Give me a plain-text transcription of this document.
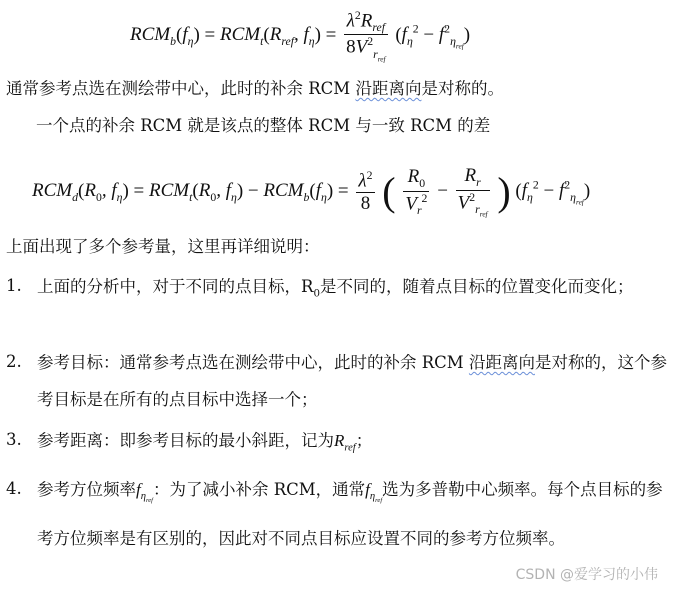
$RCM_b(f_\eta) = RCM_t(R_{ref}$, $f_\eta) = \frac{\lambda^2R_{ref}}{8V^2_{r_{ref}}} (f_\eta^2 - f^2_{\eta_{ref}})$
通常参考点选在测绘带中心，此时的补余 RCM 沿距离向是对称的。
一个点的补余 RCM 就是该点的整体 RCM 与一致 RCM 的差
$RCM_d(R_0$, $f_\eta) = RCM_t(R_0$, $f_\eta) - RCM_b(f_\eta) = \frac{\lambda^2}{8}$ ( $\frac{R_0}{V_r^2} - \frac{R_r}{V^2_{r_{ref}}}$ ) $(f_\eta^2 - f^2_{\eta_{ref}})$
上面出现了多个参考量，这里再详细说明：
1. 上面的分析中，对于不同的点目标，$R_0$是不同的，随着点目标的位置变化而变化；
2. 参考目标：通常参考点选在测绘带中心，此时的补余 RCM 沿距离向是对称的，这个参考目标是在所有的点目标中选择一个；
3. 参考距离：即参考目标的最小斜距，记为$R_{ref}$；
4. 参考方位频率$f_{\eta_{ref}}$：为了减小补余 RCM，通常$f_{\eta_{ref}}$选为多普勒中心频率。每个点目标的参考方位频率是有区别的，因此对不同点目标应设置不同的参考方位频率。
CSDN @爱学习的小伟
